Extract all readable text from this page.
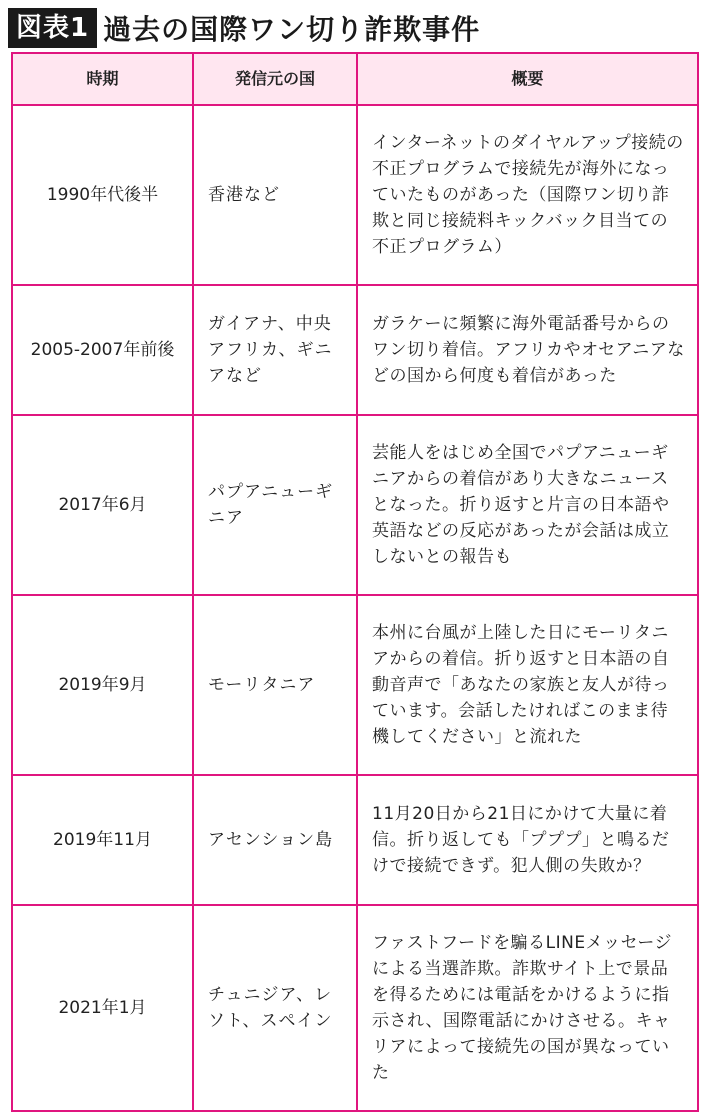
図表1 過去の国際ワン切り詐欺事件
時期	発信元の国	概要
1990年代後半	香港など	インターネットのダイヤルアップ接続の不正プログラムで接続先が海外になっていたものがあった（国際ワン切り詐欺と同じ接続料キックバック目当ての不正プログラム）
2005-2007年前後	ガイアナ、中央アフリカ、ギニアなど	ガラケーに頻繁に海外電話番号からのワン切り着信。アフリカやオセアニアなどの国から何度も着信があった
2017年6月	パプアニューギニア	芸能人をはじめ全国でパプアニューギニアからの着信があり大きなニュースとなった。折り返すと片言の日本語や英語などの反応があったが会話は成立しないとの報告も
2019年9月	モーリタニア	本州に台風が上陸した日にモーリタニアからの着信。折り返すと日本語の自動音声で「あなたの家族と友人が待っています。会話したければこのまま待機してください」と流れた
2019年11月	アセンション島	11月20日から21日にかけて大量に着信。折り返しても「プププ」と鳴るだけで接続できず。犯人側の失敗か？
2021年1月	チュニジア、レソト、スペイン	ファストフードを騙るLINEメッセージによる当選詐欺。詐欺サイト上で景品を得るためには電話をかけるように指示され、国際電話にかけさせる。キャリアによって接続先の国が異なっていた
